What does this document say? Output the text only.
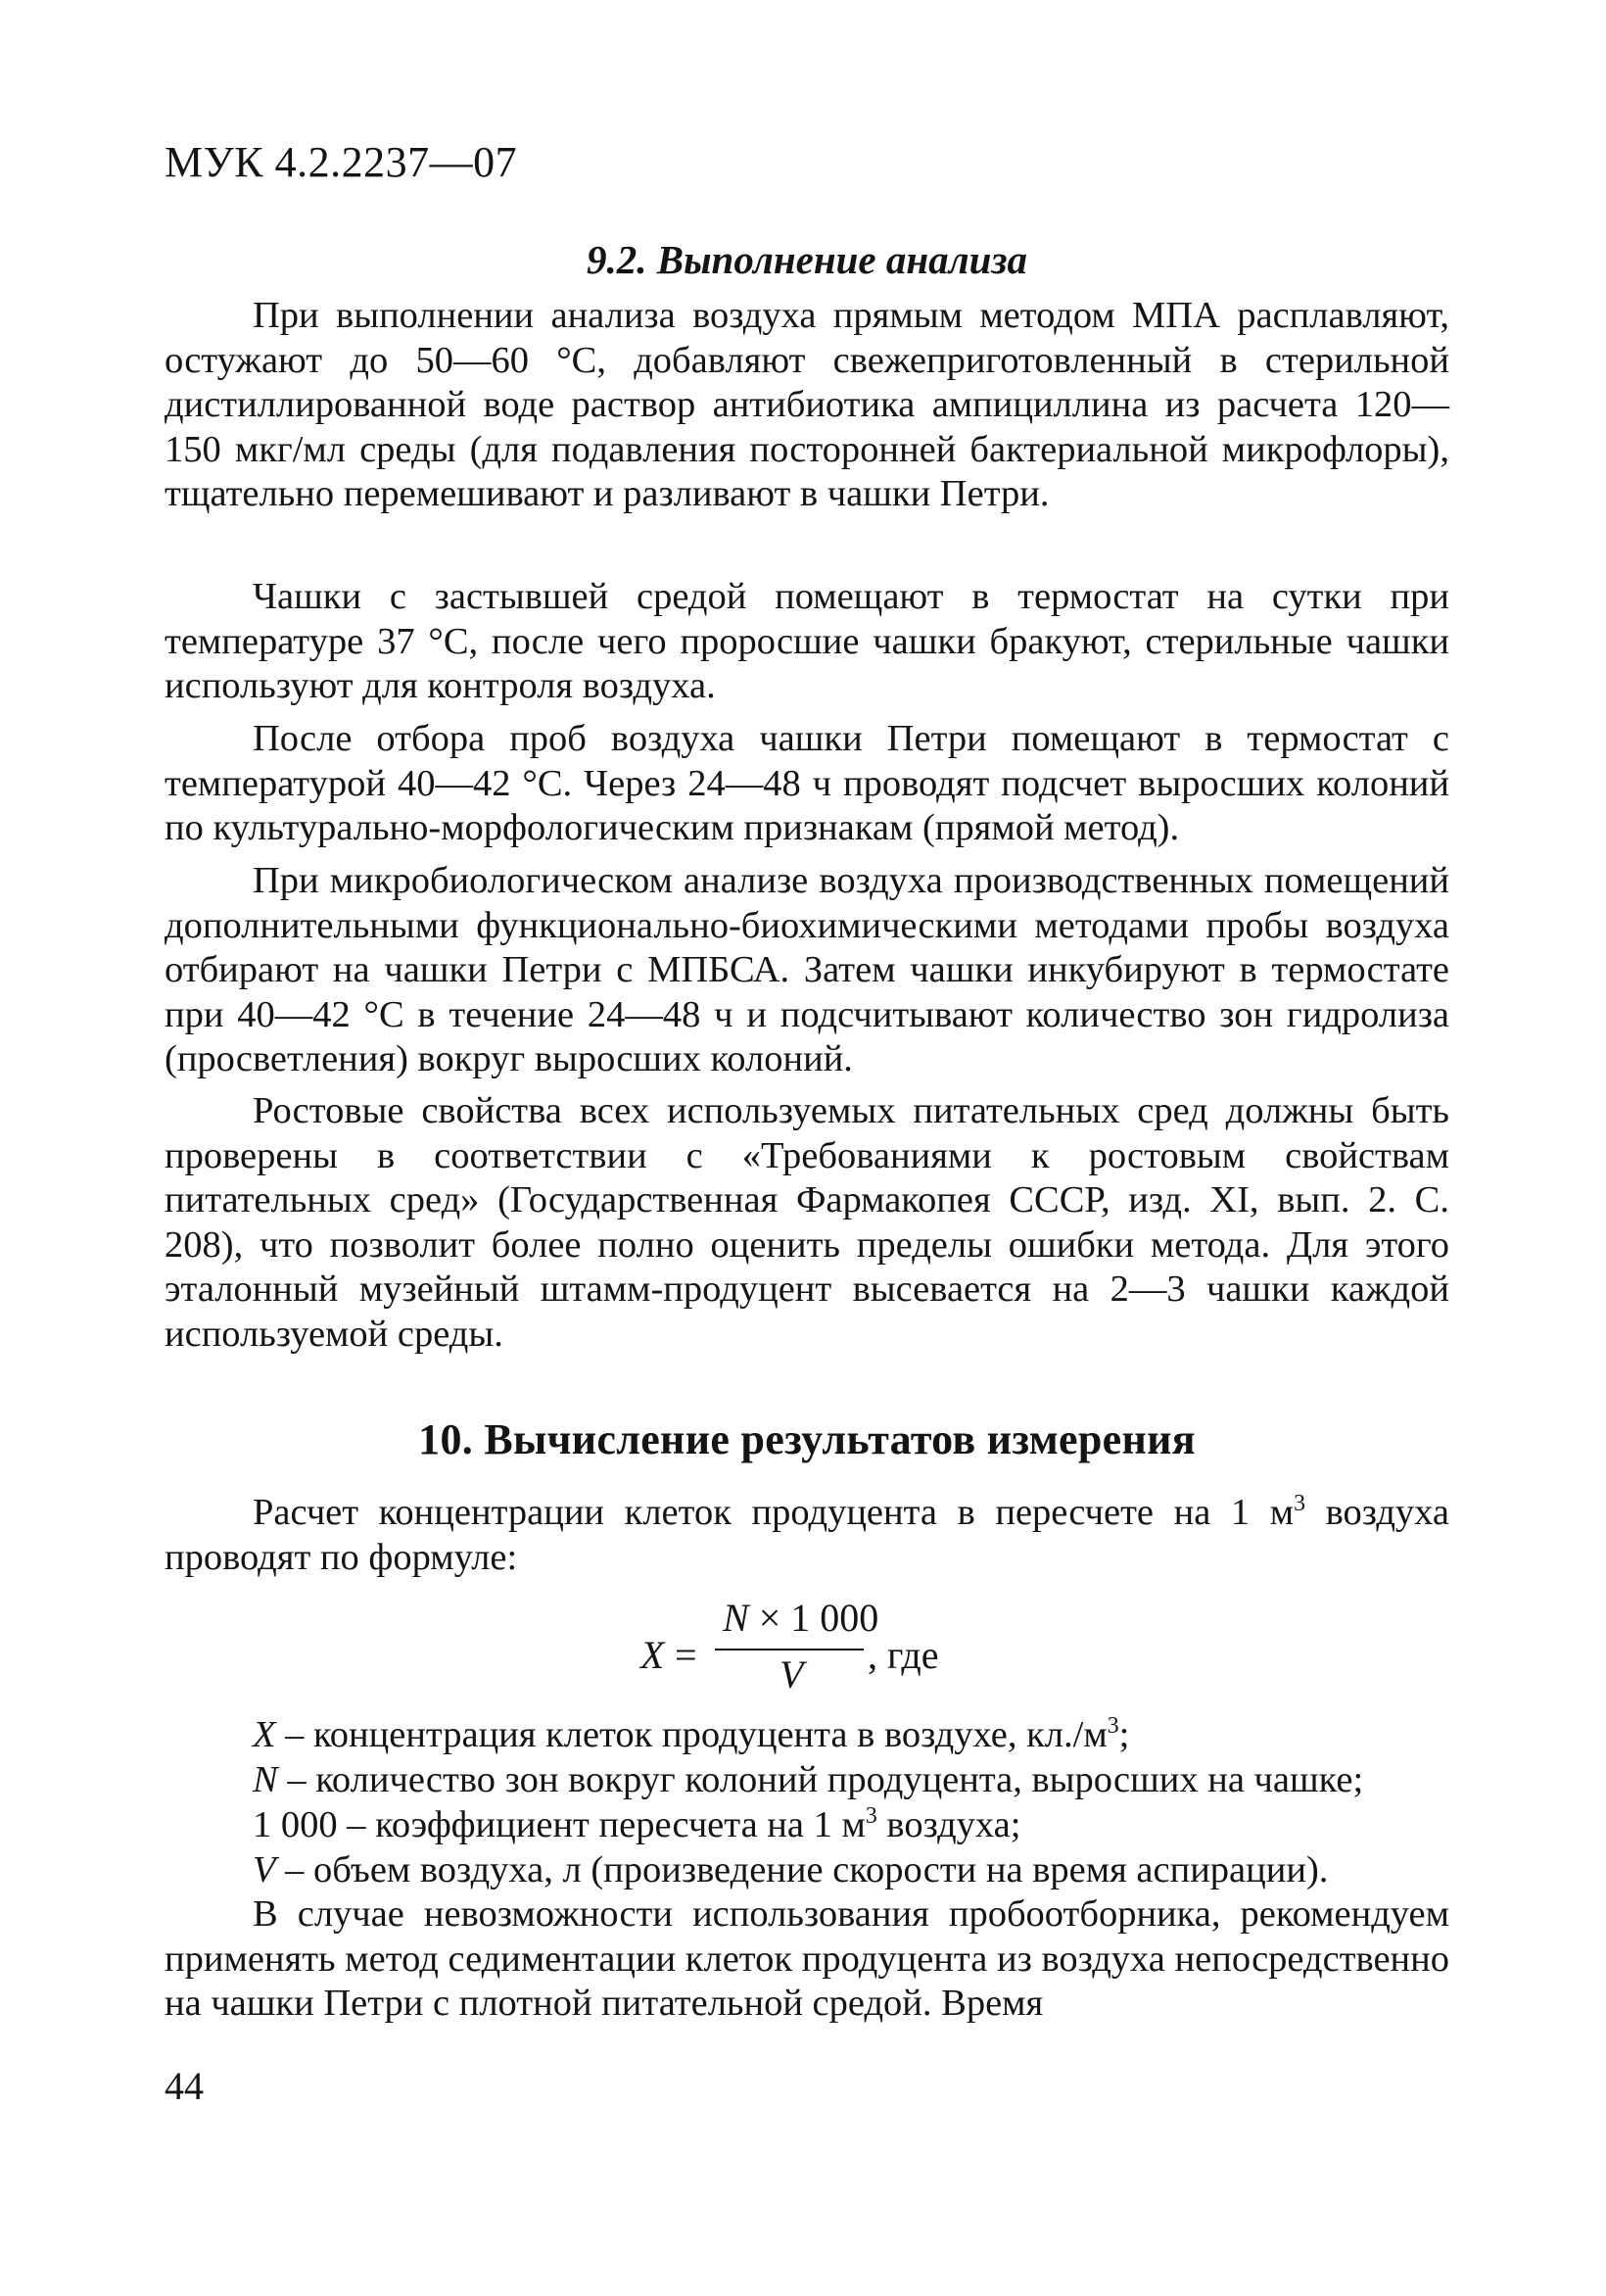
МУК 4.2.2237—07
9.2. Выполнение анализа

При выполнении анализа воздуха прямым методом МПА расплавляют, остужают до 50—60 °С, добавляют свежеприготовленный в стерильной дистиллированной воде раствор антибиотика ампициллина из расчета 120—150 мкг/мл среды (для подавления посторонней бактериальной микрофлоры), тщательно перемешивают и разливают в чашки Петри.

Чашки с застывшей средой помещают в термостат на сутки при температуре 37 °С, после чего проросшие чашки бракуют, стерильные чашки используют для контроля воздуха.

После отбора проб воздуха чашки Петри помещают в термостат с температурой 40—42 °С. Через 24—48 ч проводят подсчет выросших колоний по культурально-морфологическим признакам (прямой метод).

При микробиологическом анализе воздуха производственных помещений дополнительными функционально-биохимическими методами пробы воздуха отбирают на чашки Петри с МПБСА. Затем чашки инкубируют в термостате при 40—42 °С в течение 24—48 ч и подсчитывают количество зон гидролиза (просветления) вокруг выросших колоний.

Ростовые свойства всех используемых питательных сред должны быть проверены в соответствии с «Требованиями к ростовым свойствам питательных сред» (Государственная Фармакопея СССР, изд. XI, вып. 2. С. 208), что позволит более полно оценить пределы ошибки метода. Для этого эталонный музейный штамм-продуцент высевается на 2—3 чашки каждой используемой среды.

10. Вычисление результатов измерения

Расчет концентрации клеток продуцента в пересчете на 1 $м^3$ воздуха проводят по формуле:

X =
N × 1 000
V , где
X – концентрация клеток продуцента в воздухе, $кл./м^3$;
N – количество зон вокруг колоний продуцента, выросших на чашке;
1 000 – коэффициент пересчета на 1 $м^3$ воздуха;
V – объем воздуха, л (произведение скорости на время аспирации).

В случае невозможности использования пробоотборника, рекомендуем применять метод седиментации клеток продуцента из воздуха непосредственно на чашки Петри с плотной питательной средой. Время

44
